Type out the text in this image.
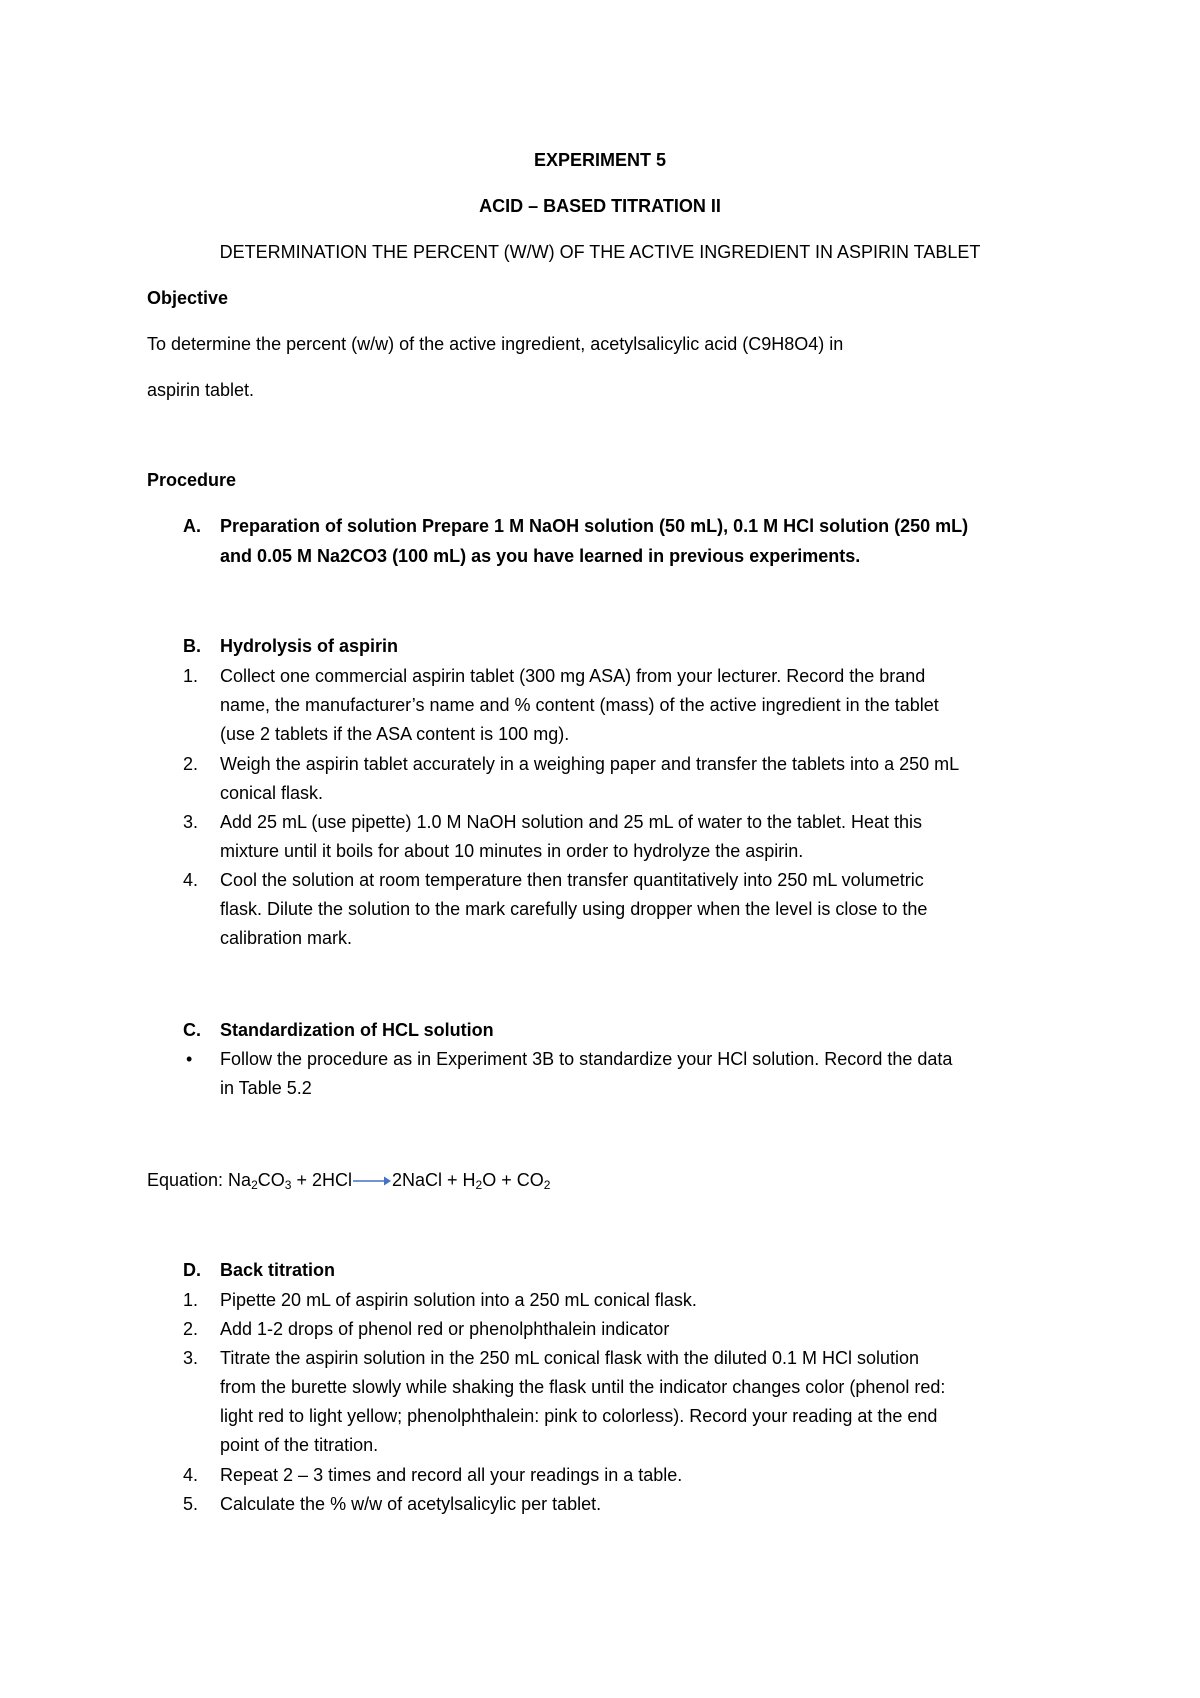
EXPERIMENT 5
ACID – BASED TITRATION II
DETERMINATION THE PERCENT (W/W) OF THE ACTIVE INGREDIENT IN ASPIRIN TABLET
Objective
To determine the percent (w/w) of the active ingredient, acetylsalicylic acid (C9H8O4) in
aspirin tablet.
Procedure
A. Preparation of solution Prepare 1 M NaOH solution (50 mL), 0.1 M HCl solution (250 mL)
and 0.05 M Na2CO3 (100 mL) as you have learned in previous experiments.
B. Hydrolysis of aspirin
1. Collect one commercial aspirin tablet (300 mg ASA) from your lecturer. Record the brand
name, the manufacturer’s name and % content (mass) of the active ingredient in the tablet
(use 2 tablets if the ASA content is 100 mg).
2. Weigh the aspirin tablet accurately in a weighing paper and transfer the tablets into a 250 mL
conical flask.
3. Add 25 mL (use pipette) 1.0 M NaOH solution and 25 mL of water to the tablet. Heat this
mixture until it boils for about 10 minutes in order to hydrolyze the aspirin.
4. Cool the solution at room temperature then transfer quantitatively into 250 mL volumetric
flask. Dilute the solution to the mark carefully using dropper when the level is close to the
calibration mark.
C. Standardization of HCL solution
• Follow the procedure as in Experiment 3B to standardize your HCl solution. Record the data
in Table 5.2
Equation: $Na_2CO_3$ + 2HCl→2NaCl + $H_2O + CO_2$
D. Back titration
1. Pipette 20 mL of aspirin solution into a 250 mL conical flask.
2. Add 1-2 drops of phenol red or phenolphthalein indicator
3. Titrate the aspirin solution in the 250 mL conical flask with the diluted 0.1 M HCl solution
from the burette slowly while shaking the flask until the indicator changes color (phenol red:
light red to light yellow; phenolphthalein: pink to colorless). Record your reading at the end
point of the titration.
4. Repeat 2 – 3 times and record all your readings in a table.
5. Calculate the % w/w of acetylsalicylic per tablet.
